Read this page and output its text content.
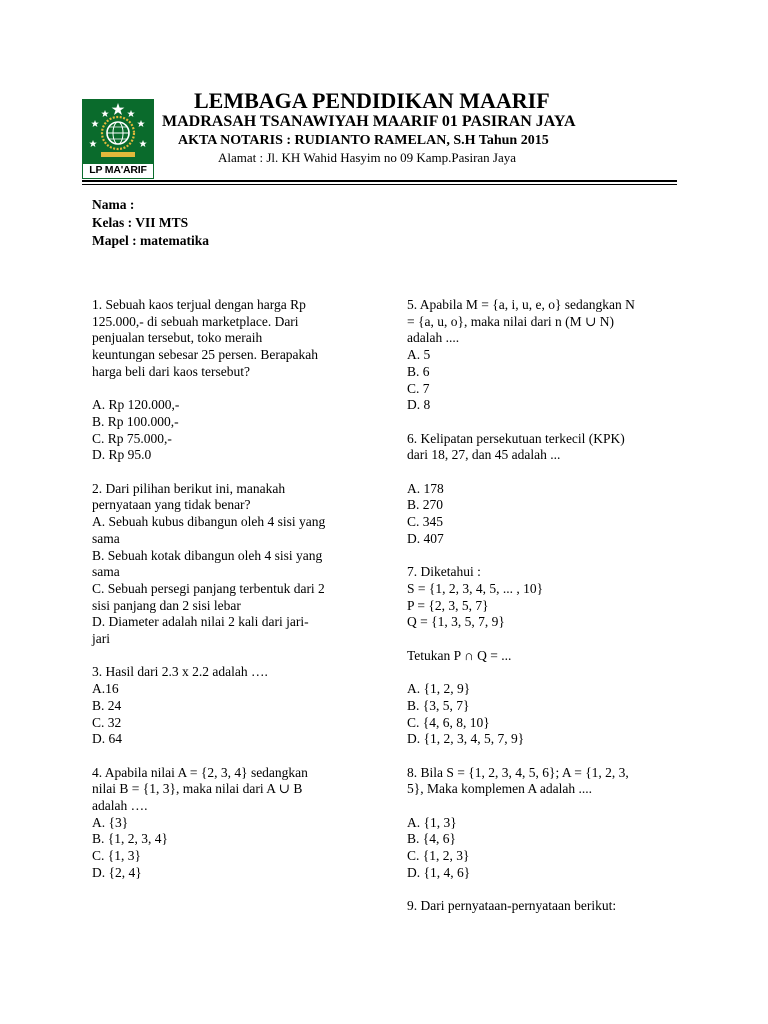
LP MA'ARIF
LEMBAGA PENDIDIKAN MAARIF
MADRASAH TSANAWIYAH MAARIF 01 PASIRAN JAYA
AKTA NOTARIS : RUDIANTO RAMELAN, S.H Tahun 2015
Alamat : Jl. KH Wahid Hasyim no 09 Kamp.Pasiran Jaya
Nama :
Kelas : VII MTS
Mapel : matematika
1. Sebuah kaos terjual dengan harga Rp
125.000,- di sebuah marketplace. Dari
penjualan tersebut, toko meraih
keuntungan sebesar 25 persen. Berapakah
harga beli dari kaos tersebut?
A. Rp 120.000,-
B. Rp 100.000,-
C. Rp 75.000,-
D. Rp 95.0
2. Dari pilihan berikut ini, manakah
pernyataan yang tidak benar?
A. Sebuah kubus dibangun oleh 4 sisi yang
sama
B. Sebuah kotak dibangun oleh 4 sisi yang
sama
C. Sebuah persegi panjang terbentuk dari 2
sisi panjang dan 2 sisi lebar
D. Diameter adalah nilai 2 kali dari jari-
jari
3. Hasil dari 2.3 x 2.2 adalah ….
A.16
B. 24
C. 32
D. 64
4. Apabila nilai A = {2, 3, 4} sedangkan
nilai B = {1, 3}, maka nilai dari A ∪ B
adalah ….
A. {3}
B. {1, 2, 3, 4}
C. {1, 3}
D. {2, 4}
5. Apabila M = {a, i, u, e, o} sedangkan N
= {a, u, o}, maka nilai dari n (M ∪ N)
adalah ....
A. 5
B. 6
C. 7
D. 8
6. Kelipatan persekutuan terkecil (KPK)
dari 18, 27, dan 45 adalah ...
A. 178
B. 270
C. 345
D. 407
7. Diketahui :
S = {1, 2, 3, 4, 5, ... , 10}
P = {2, 3, 5, 7}
Q = {1, 3, 5, 7, 9}
Tetukan P ∩ Q = ...
A. {1, 2, 9}
B. {3, 5, 7}
C. {4, 6, 8, 10}
D. {1, 2, 3, 4, 5, 7, 9}
8. Bila S = {1, 2, 3, 4, 5, 6}; A = {1, 2, 3,
5}, Maka komplemen A adalah ....
A. {1, 3}
B. {4, 6}
C. {1, 2, 3}
D. {1, 4, 6}
9. Dari pernyataan-pernyataan berikut:
